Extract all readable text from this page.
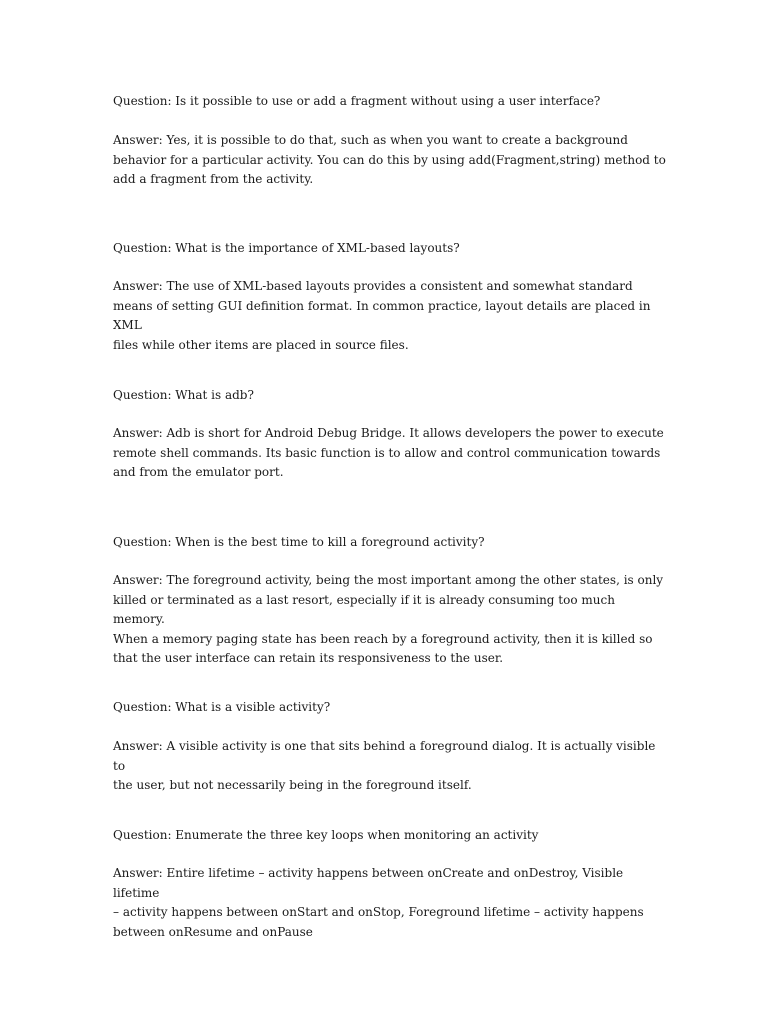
Question: Is it possible to use or add a fragment without using a user interface?

Answer: Yes, it is possible to do that, such as when you want to create a background
behavior for a particular activity. You can do this by using add(Fragment,string) method to
add a fragment from the activity.

Question: What is the importance of XML-based layouts?

Answer: The use of XML-based layouts provides a consistent and somewhat standard
means of setting GUI definition format. In common practice, layout details are placed in XML
files while other items are placed in source files.

Question: What is adb?

Answer: Adb is short for Android Debug Bridge. It allows developers the power to execute
remote shell commands. Its basic function is to allow and control communication towards
and from the emulator port.

Question: When is the best time to kill a foreground activity?

Answer: The foreground activity, being the most important among the other states, is only
killed or terminated as a last resort, especially if it is already consuming too much memory.
When a memory paging state has been reach by a foreground activity, then it is killed so
that the user interface can retain its responsiveness to the user.

Question: What is a visible activity?

Answer: A visible activity is one that sits behind a foreground dialog. It is actually visible to
the user, but not necessarily being in the foreground itself.

Question: Enumerate the three key loops when monitoring an activity

Answer: Entire lifetime – activity happens between onCreate and onDestroy, Visible lifetime
– activity happens between onStart and onStop, Foreground lifetime – activity happens
between onResume and onPause
